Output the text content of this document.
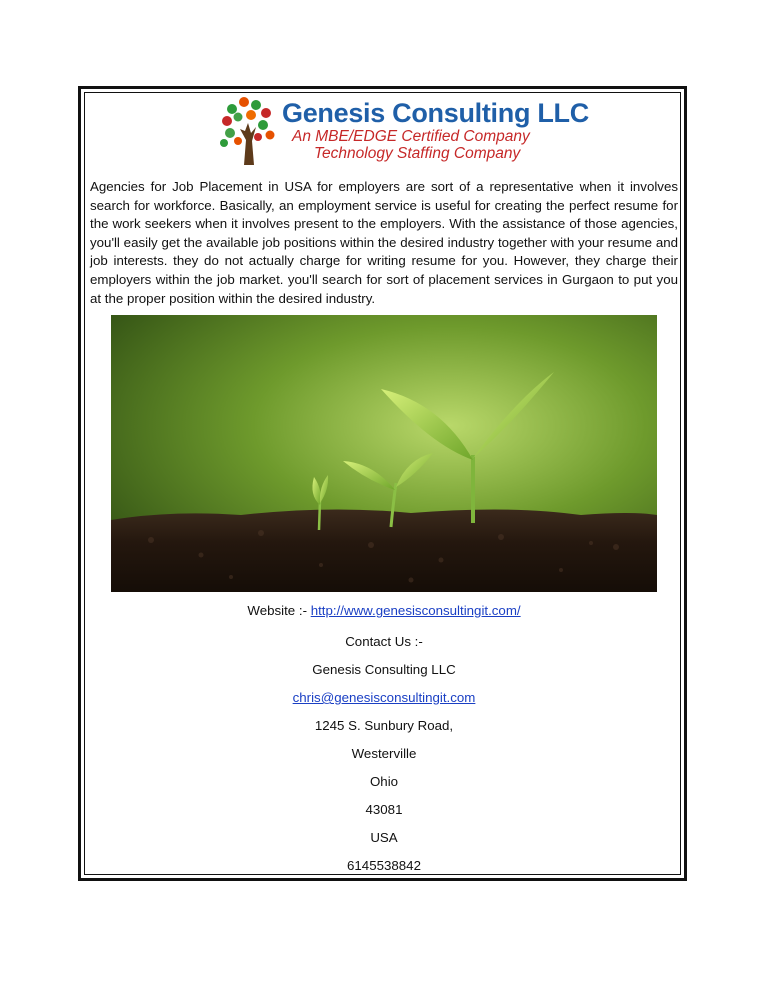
Genesis Consulting LLC
An MBE/EDGE Certified Company
Technology Staffing Company

Agencies for Job Placement in USA for employers are sort of a representative when it involves search for workforce. Basically, an employment service is useful for creating the perfect resume for the work seekers when it involves present to the employers. With the assistance of those agencies, you'll easily get the available job positions within the desired industry together with your resume and job interests. they do not actually charge for writing resume for you. However, they charge their employers within the job market. you'll search for sort of placement services in Gurgaon to put you at the proper position within the desired industry.

Website :- http://www.genesisconsultingit.com/
Contact Us :-
Genesis Consulting LLC
chris@genesisconsultingit.com
1245 S. Sunbury Road,
Westerville
Ohio
43081
USA
6145538842
